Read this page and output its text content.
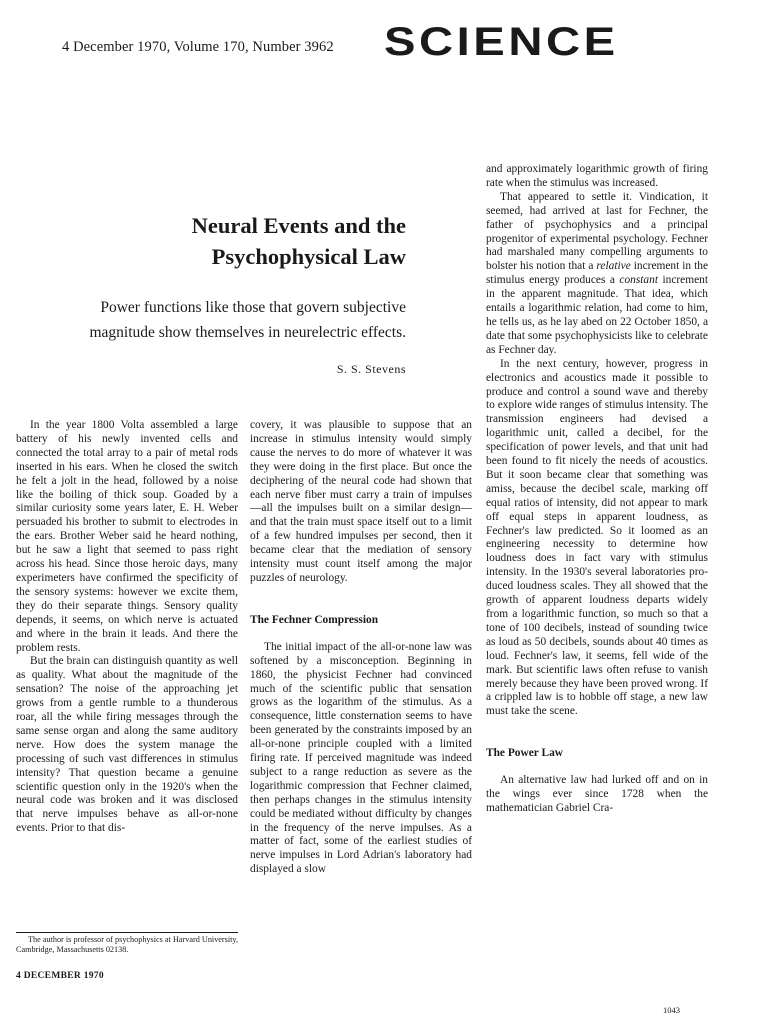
4 December 1970, Volume 170, Number 3962	SCIENCE
Neural Events and the
Psychophysical Law
Power functions like those that govern subjective
magnitude show themselves in neurelectric effects.
S. S. Stevens

In the year 1800 Volta assembled a large battery of his newly invented cells and connected the total array to a pair of metal rods inserted in his ears. When he closed the switch he felt a jolt in the head, followed by a noise like the boiling of thick soup. Goaded by a similar curiosity some years later, E. H. Weber persuaded his brother to submit to electrodes in the ears. Brother Weber said he heard nothing, but he saw a light that seemed to pass right across his head. Since those heroic days, many experimeters have confirmed the specificity of the sensory systems: however we excite them, they do their separate things. Sensory quality depends, it seems, on which nerve is actuated and where in the brain it leads. And there the problem rests.

But the brain can distinguish quantity as well as quality. What about the magnitude of the sensation? The noise of the approaching jet grows from a gentle rumble to a thunderous roar, all the while firing messages through the same sense organ and along the same auditory nerve. How does the system manage the processing of such vast differences in stimulus intensity? That question became a genuine scientific question only in the 1920's when the neural code was broken and it was disclosed that nerve impulses behave as all-or-none events. Prior to that dis-

The author is professor of psychophysics at Harvard University, Cambridge, Massachusetts 02138.

covery, it was plausible to suppose that an increase in stimulus intensity would simply cause the nerves to do more of whatever it was they were doing in the first place. But once the deciphering of the neural code had shown that each nerve fiber must carry a train of impulses—all the impulses built on a similar design—and that the train must space itself out to a limit of a few hundred impulses per second, then it became clear that the mediation of sensory intensity must count itself among the major puzzles of neurology.

The Fechner Compression

The initial impact of the all-or-none law was softened by a misconception. Beginning in 1860, the physicist Fechner had convinced much of the scientific public that sensation grows as the logarithm of the stimulus. As a consequence, little consternation seems to have been generated by the constraints imposed by an all-or-none principle coupled with a limited firing rate. If perceived magnitude was indeed subject to a range reduction as severe as the logarithmic compression that Fechner claimed, then perhaps changes in the stimulus intensity could be mediated without difficulty by changes in the frequency of the nerve impulses. As a matter of fact, some of the earliest studies of nerve impulses in Lord Adrian's laboratory had displayed a slow

and approximately logarithmic growth of firing rate when the stimulus was increased.

That appeared to settle it. Vindication, it seemed, had arrived at last for Fechner, the father of psychophysics and a principal progenitor of experimental psychology. Fechner had marshaled many compelling arguments to bolster his notion that a relative increment in the stimulus energy produces a constant increment in the apparent magnitude. That idea, which entails a logarithmic relation, had come to him, he tells us, as he lay abed on 22 October 1850, a date that some psychophysicists like to celebrate as Fechner day.

In the next century, however, progress in electronics and acoustics made it possible to produce and control a sound wave and thereby to explore wide ranges of stimulus intensity. The transmission engineers had devised a logarithmic unit, called a decibel, for the specification of power levels, and that unit had been found to fit nicely the needs of acoustics. But it soon became clear that something was amiss, because the decibel scale, marking off equal ratios of intensity, did not appear to mark off equal steps in apparent loudness, as Fechner's law predicted. So it loomed as an engineering necessity to determine how loudness does in fact vary with stimulus intensity. In the 1930's several laboratories produced loudness scales. They all showed that the growth of apparent loudness departs widely from a logarithmic function, so much so that a tone of 100 decibels, instead of sounding twice as loud as 50 decibels, sounds about 40 times as loud. Fechner's law, it seems, fell wide of the mark. But scientific laws often refuse to vanish merely because they have been proved wrong. If a crippled law is to hobble off stage, a new law must take the scene.

The Power Law

An alternative law had lurked off and on in the wings ever since 1728 when the mathematician Gabriel Cra-

4 DECEMBER 1970
1043
